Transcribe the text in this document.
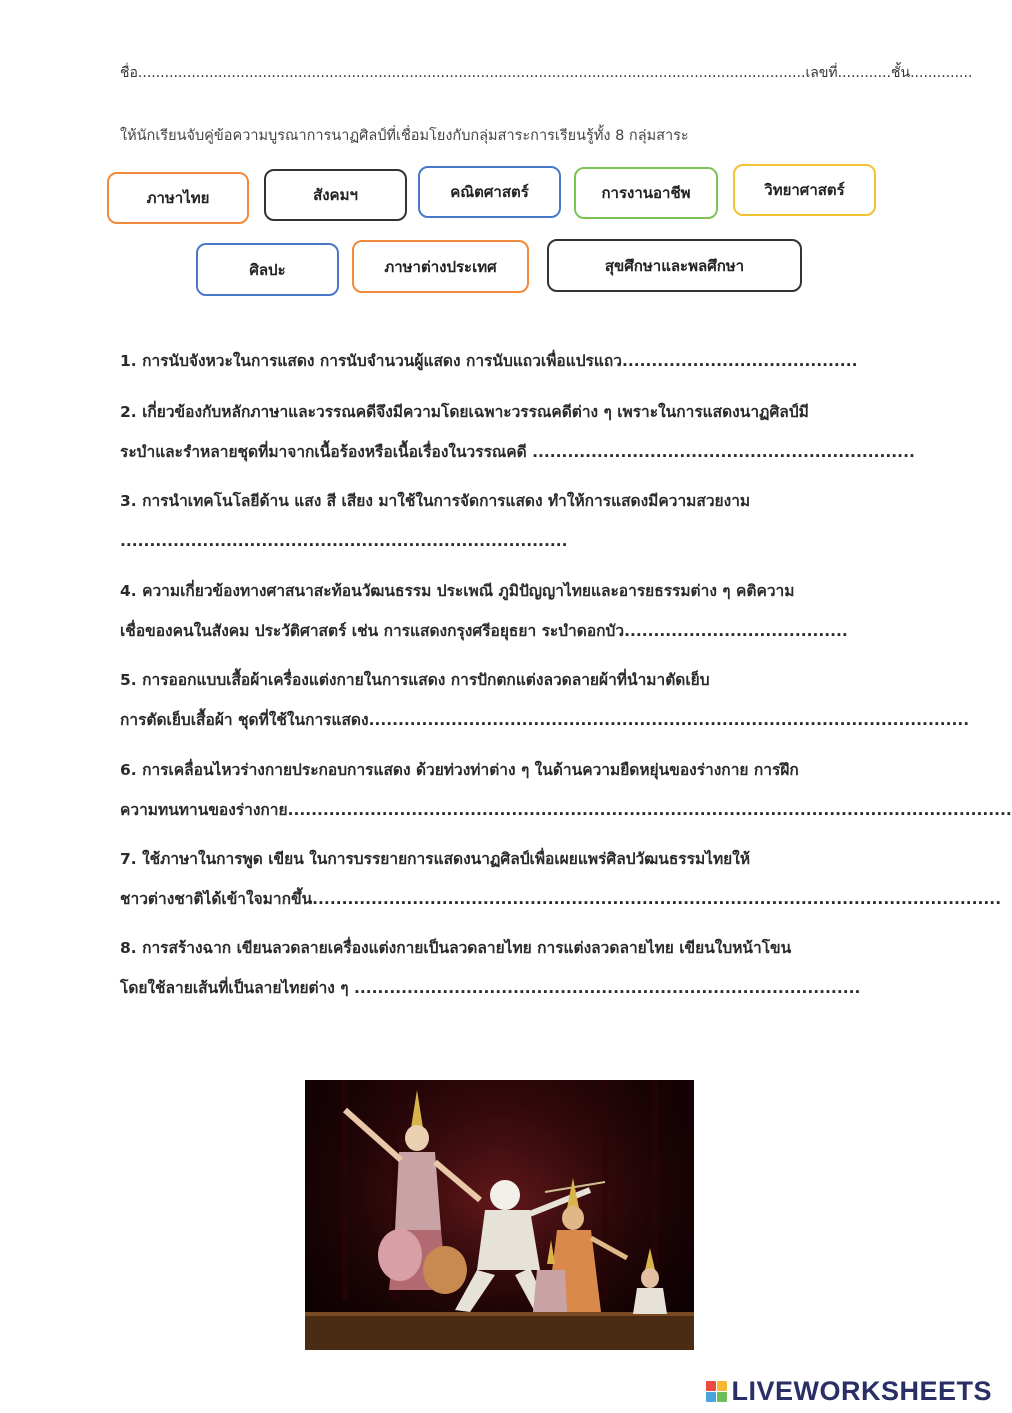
ชื่อ......................................................................................................................................................เลขที่............ชั้น..............
ให้นักเรียนจับคู่ข้อความบูรณาการนาฏศิลป์ที่เชื่อมโยงกับกลุ่มสาระการเรียนรู้ทั้ง 8 กลุ่มสาระ
ภาษาไทย	สังคมฯ	คณิตศาสตร์	การงานอาชีพ	วิทยาศาสตร์
ศิลปะ	ภาษาต่างประเทศ	สุขศึกษาและพลศึกษา
1. การนับจังหวะในการแสดง การนับจำนวนผู้แสดง การนับแถวเพื่อแปรแถว........................................
2. เกี่ยวข้องกับหลักภาษาและวรรณคดีจึงมีความโดยเฉพาะวรรณคดีต่าง ๆ เพราะในการแสดงนาฏศิลป์มี
ระบำและรำหลายชุดที่มาจากเนื้อร้องหรือเนื้อเรื่องในวรรณคดี .................................................................
3. การนำเทคโนโลยีด้าน แสง สี เสียง มาใช้ในการจัดการแสดง ทำให้การแสดงมีความสวยงาม
............................................................................
4. ความเกี่ยวข้องทางศาสนาสะท้อนวัฒนธรรม ประเพณี ภูมิปัญญาไทยและอารยธรรมต่าง ๆ คติความ
เชื่อของคนในสังคม ประวัติศาสตร์ เช่น การแสดงกรุงศรีอยุธยา ระบำดอกบัว......................................
5. การออกแบบเสื้อผ้าเครื่องแต่งกายในการแสดง การปักตกแต่งลวดลายผ้าที่นำมาตัดเย็บ
การตัดเย็บเสื้อผ้า ชุดที่ใช้ในการแสดง......................................................................................................
6. การเคลื่อนไหวร่างกายประกอบการแสดง ด้วยท่วงท่าต่าง ๆ ในด้านความยืดหยุ่นของร่างกาย การฝึก
ความทนทานของร่างกาย...........................................................................................................................
7. ใช้ภาษาในการพูด เขียน ในการบรรยายการแสดงนาฏศิลป์เพื่อเผยแพร่ศิลปวัฒนธรรมไทยให้
ชาวต่างชาติได้เข้าใจมากขึ้น.....................................................................................................................
8. การสร้างฉาก เขียนลวดลายเครื่องแต่งกายเป็นลวดลายไทย การแต่งลวดลายไทย เขียนใบหน้าโขน
โดยใช้ลายเส้นที่เป็นลายไทยต่าง ๆ ......................................................................................
LIVEWORKSHEETS
